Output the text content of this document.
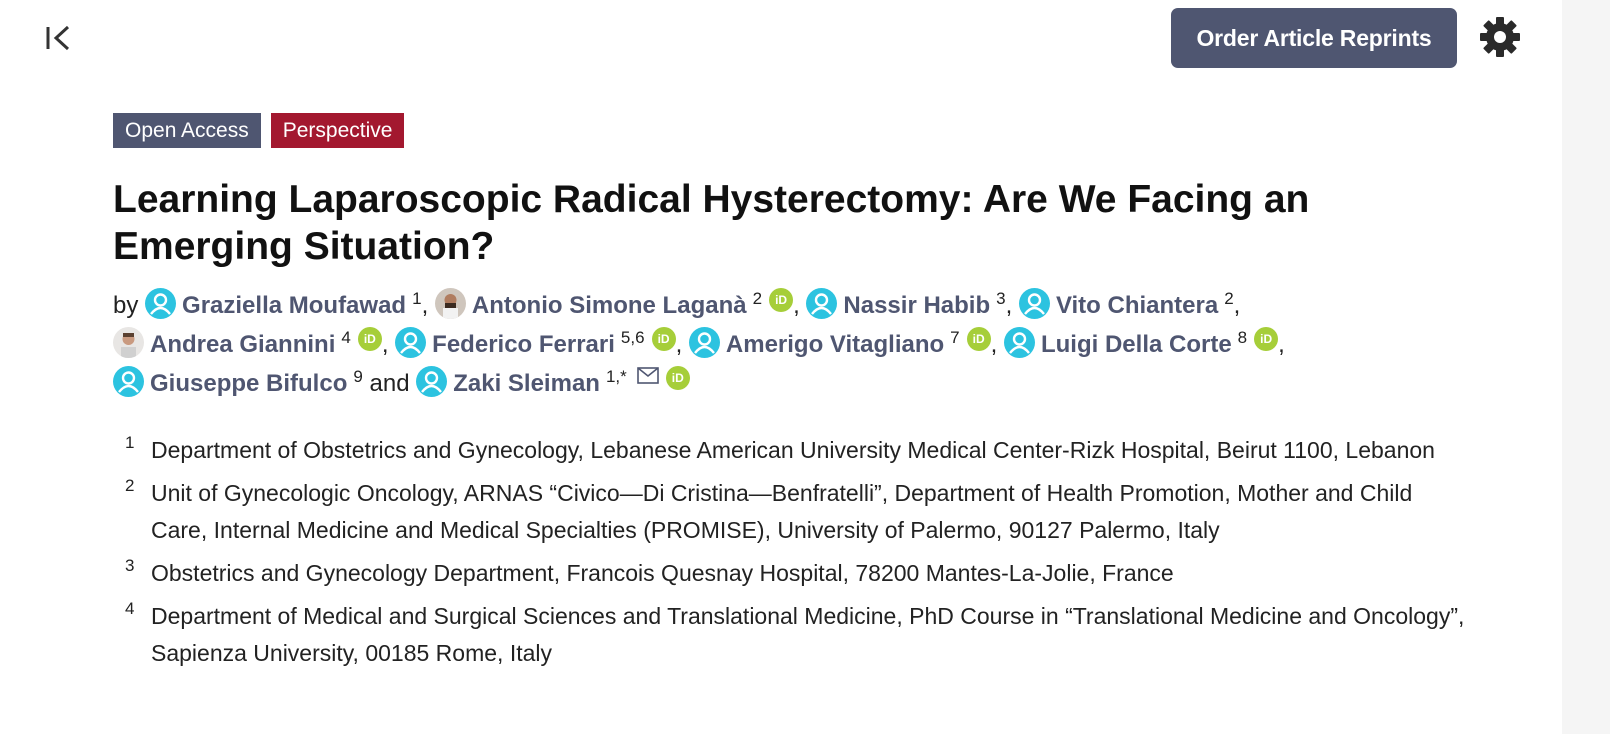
Order Article Reprints
Open Access	Perspective
Learning Laparoscopic Radical Hysterectomy: Are We Facing an Emerging Situation?
by Graziella Moufawad $^1$, Antonio Simone Laganà $^2$ iD ,
Nassir Habib $^3$,
Vito Chiantera $^2$,
Andrea Giannini $^4$ iD ,
Federico Ferrari $^{5,6}$ iD ,
Amerigo Vitagliano $^7$ iD ,
Luigi Della Corte $^8$ iD ,

Giuseppe Bifulco $^9$ and Zaki Sleiman $^{1,*}$	iD
1 Department of Obstetrics and Gynecology, Lebanese American University Medical Center-Rizk Hospital, Beirut 1100, Lebanon
2 Unit of Gynecologic Oncology, ARNAS “Civico—Di Cristina—Benfratelli”, Department of Health Promotion, Mother and Child Care, Internal Medicine and Medical Specialties (PROMISE), University of Palermo, 90127 Palermo, Italy
3 Obstetrics and Gynecology Department, Francois Quesnay Hospital, 78200 Mantes-La-Jolie, France
4 Department of Medical and Surgical Sciences and Translational Medicine, PhD Course in “Translational Medicine and Oncology”, Sapienza University, 00185 Rome, Italy
